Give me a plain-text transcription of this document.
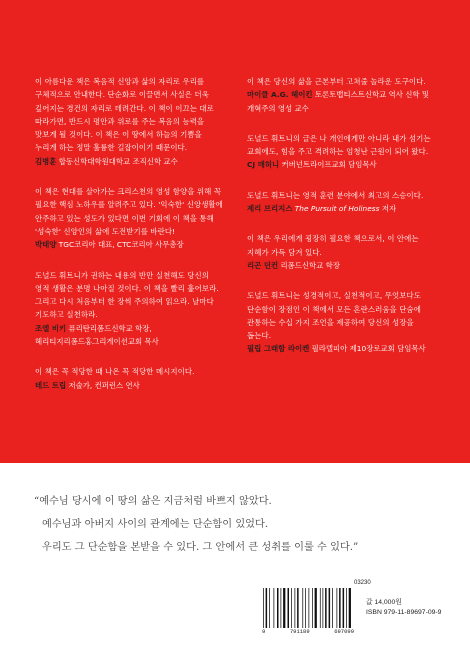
이 아름다운 책은 복음적 신앙과 삶의 자리로 우리를 구체적으로 안내한다. 단순화로 이끌면서 사실은 더욱 깊어지는 경건의 자리로 데려간다. 이 책이 이끄는 대로 따라가면, 반드시 평안과 위로를 주는 복음의 능력을 맛보게 될 것이다. 이 책은 이 땅에서 하늘의 기쁨을 누리게 하는 정말 훌륭한 길잡이이기 때문이다.

김병훈 합동신학대학원대학교 조직신학 교수

이 책은 현대를 살아가는 크리스천의 영성 함양을 위해 꼭 필요한 핵심 노하우를 알려주고 있다. '익숙한' 신앙생활에 안주하고 있는 성도가 있다면 이번 기회에 이 책을 통해 '성숙한' 신앙인의 삶에 도전받기를 바란다!

박태양 TGC코리아 대표, CTC코리아 사무총장

도널드 휘트니가 권하는 내용의 반만 실천해도 당신의 영적 생활은 분명 나아질 것이다. 이 책을 빨리 훑어보라. 그리고 다시 처음부터 한 장씩 주의하여 읽으라. 날마다 기도하고 실천하라.

조엘 비키 퓨리탄리폼드신학교 학장, 헤리티지리폼드홍그리게이션교회 목사

이 책은 꼭 적당한 때 나온 꼭 적당한 메시지이다.

테드 트립 저술가, 컨퍼런스 연사

이 책은 당신의 삶을 근본부터 고쳐줄 놀라운 도구이다.

마이클 A.G. 헤이킨 토론토뱁티스트신학교 역사 신학 및 개혁주의 영성 교수

도널드 휘트니의 글은 나 개인에게만 아니라 내가 섬기는 교회에도, 힘을 주고 격려하는 엄청난 근원이 되어 왔다.

CJ 매허니 커버넌트라이프교회 담임목사

도널드 휘트니는 영적 훈련 분야에서 최고의 스승이다.

제리 브리지스 The Pursuit of Holiness 저자

이 책은 우리에게 굉장히 필요한 책으로서, 이 안에는 지혜가 가득 담겨 있다.

리곤 던컨 리폼드신학교 학장

도널드 휘트니는 성경적이고, 실천적이고, 무엇보다도 단순함이 장점인 이 책에서 모든 혼란스러움을 단숨에 관통하는 수십 가지 조언을 제공하여 당신의 성장을 돕는다.

필립 그래함 라이켄 필라델피아 제10장로교회 담임목사

“예수님 당시에 이 땅의 삶은 지금처럼 바쁘지 않았다.
예수님과 아버지 사이의 관계에는 단순함이 있었다.
우리도 그 단순함을 본받을 수 있다. 그 안에서 큰 성취를 이룰 수 있다.”
03230
9	791189	697099
값 14,000원
ISBN 979-11-89697-09-9
